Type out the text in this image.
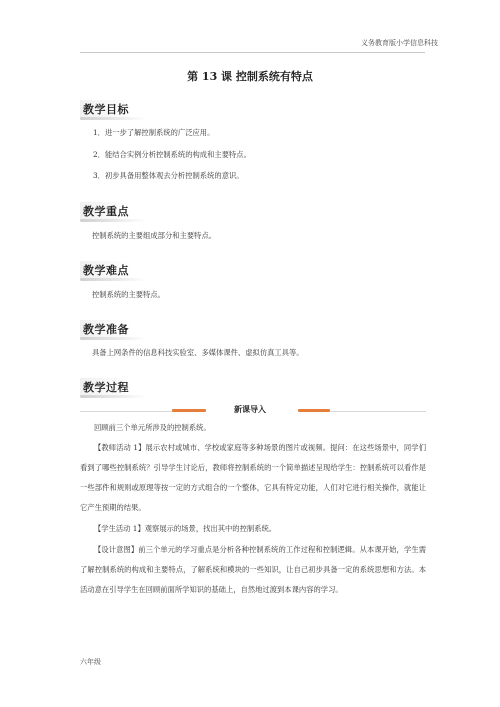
义务教育版小学信息科技
第 13 课 控制系统有特点
教学目标
1．进一步了解控制系统的广泛应用。
2．能结合实例分析控制系统的构成和主要特点。
3．初步具备用整体观去分析控制系统的意识。
教学重点
控制系统的主要组成部分和主要特点。
教学难点
控制系统的主要特点。
教学准备
具备上网条件的信息科技实验室、多媒体课件、虚拟仿真工具等。
教学过程
新课导入
回顾前三个单元所涉及的控制系统。
【教师活动 1】展示农村或城市、学校或家庭等多种场景的图片或视频。提问：在这些场景中，同学们看到了哪些控制系统？引导学生讨论后，教师将控制系统的一个简单描述呈现给学生：控制系统可以看作是一些部件和规则或原理等按一定的方式组合的一个整体，它具有特定功能，人们对它进行相关操作，就能让它产生预期的结果。
【学生活动 1】观察展示的场景，找出其中的控制系统。
【设计意图】前三个单元的学习重点是分析各种控制系统的工作过程和控制逻辑。从本课开始，学生需了解控制系统的构成和主要特点，了解系统和模块的一些知识，让自己初步具备一定的系统思想和方法。本活动意在引导学生在回顾前面所学知识的基础上，自然地过渡到本课内容的学习。
六年级
